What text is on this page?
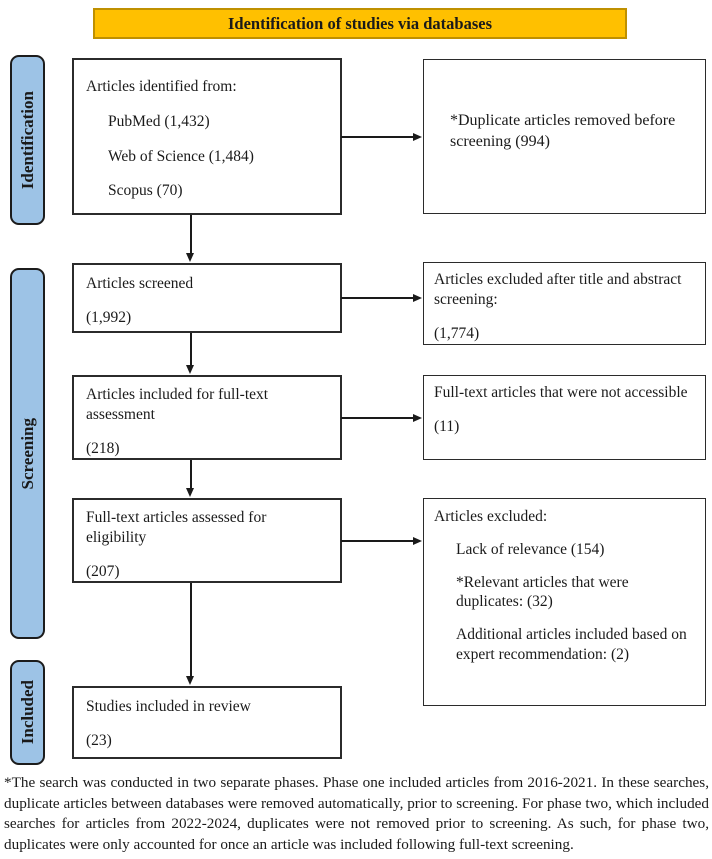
Identification of studies via databases
Identification
Screening
Included
Articles identified from:
PubMed (1,432)
Web of Science (1,484)
Scopus (70)
Articles screened
(1,992)
Articles included for full-text assessment
(218)
Full-text articles assessed for eligibility
(207)
Studies included in review
(23)
*Duplicate articles removed before screening (994)
Articles excluded after title and abstract screening:
(1,774)
Full-text articles that were not accessible
(11)
Articles excluded:
Lack of relevance (154)
*Relevant articles that were duplicates: (32)
Additional articles included based on expert recommendation: (2)
*The search was conducted in two separate phases. Phase one included articles from 2016-2021. In these searches, duplicate articles between databases were removed automatically, prior to screening. For phase two, which included searches for articles from 2022-2024, duplicates were not removed prior to screening. As such, for phase two, duplicates were only accounted for once an article was included following full-text screening.
